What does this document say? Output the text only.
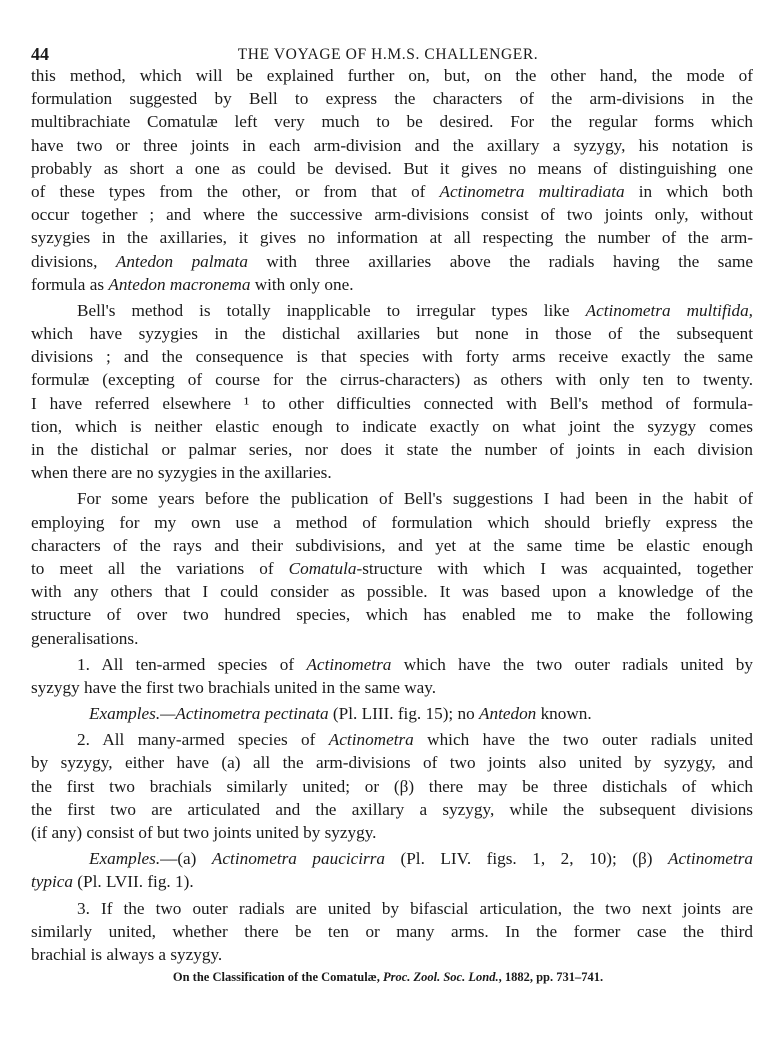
44	THE VOYAGE OF H.M.S. CHALLENGER.
this method, which will be explained further on, but, on the other hand, the mode of
formulation suggested by Bell to express the characters of the arm-divisions in the
multibrachiate Comatulæ left very much to be desired. For the regular forms which
have two or three joints in each arm-division and the axillary a syzygy, his notation is
probably as short a one as could be devised. But it gives no means of distinguishing one
of these types from the other, or from that of Actinometra multiradiata in which both
occur together ; and where the successive arm-divisions consist of two joints only, without
syzygies in the axillaries, it gives no information at all respecting the number of the arm-
divisions, Antedon palmata with three axillaries above the radials having the same
formula as Antedon macronema with only one.
Bell's method is totally inapplicable to irregular types like Actinometra multifida,
which have syzygies in the distichal axillaries but none in those of the subsequent
divisions ; and the consequence is that species with forty arms receive exactly the same
formulæ (excepting of course for the cirrus-characters) as others with only ten to twenty.
I have referred elsewhere ¹ to other difficulties connected with Bell's method of formula-
tion, which is neither elastic enough to indicate exactly on what joint the syzygy comes
in the distichal or palmar series, nor does it state the number of joints in each division
when there are no syzygies in the axillaries.
For some years before the publication of Bell's suggestions I had been in the habit of
employing for my own use a method of formulation which should briefly express the
characters of the rays and their subdivisions, and yet at the same time be elastic enough
to meet all the variations of Comatula-structure with which I was acquainted, together
with any others that I could consider as possible. It was based upon a knowledge of the
structure of over two hundred species, which has enabled me to make the following
generalisations.
1. All ten-armed species of Actinometra which have the two outer radials united by
syzygy have the first two brachials united in the same way.
Examples.—Actinometra pectinata (Pl. LIII. fig. 15); no Antedon known.
2. All many-armed species of Actinometra which have the two outer radials united
by syzygy, either have (a) all the arm-divisions of two joints also united by syzygy, and
the first two brachials similarly united; or (β) there may be three distichals of which
the first two are articulated and the axillary a syzygy, while the subsequent divisions
(if any) consist of but two joints united by syzygy.
Examples.—(a) Actinometra paucicirra (Pl. LIV. figs. 1, 2, 10); (β) Actinometra
typica (Pl. LVII. fig. 1).
3. If the two outer radials are united by bifascial articulation, the two next joints are
similarly united, whether there be ten or many arms. In the former case the third
brachial is always a syzygy.
On the Classification of the Comatulæ, Proc. Zool. Soc. Lond., 1882, pp. 731–741.
